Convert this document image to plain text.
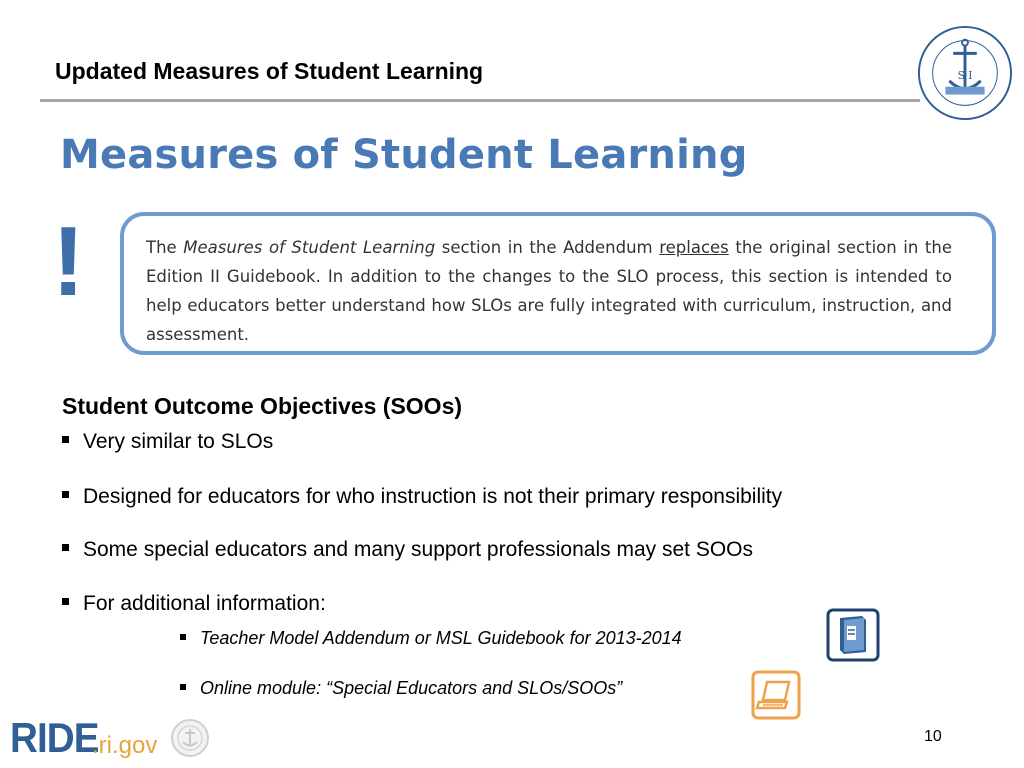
Updated Measures of Student Learning	S I
Measures of Student Learning
!	The Measures of Student Learning section in the Addendum replaces the original section in the Edition II Guidebook. In addition to the changes to the SLO process, this section is intended to help educators better understand how SLOs are fully integrated with curriculum, instruction, and assessment.

Student Outcome Objectives (SOOs)
Very similar to SLOs
Designed for educators for who instruction is not their primary responsibility
Some special educators and many support professionals may set SOOs
For additional information:
Teacher Model Addendum or MSL Guidebook for 2013-2014
Online module: “Special Educators and SLOs/SOOs”
RIDE
.ri.gov	10
